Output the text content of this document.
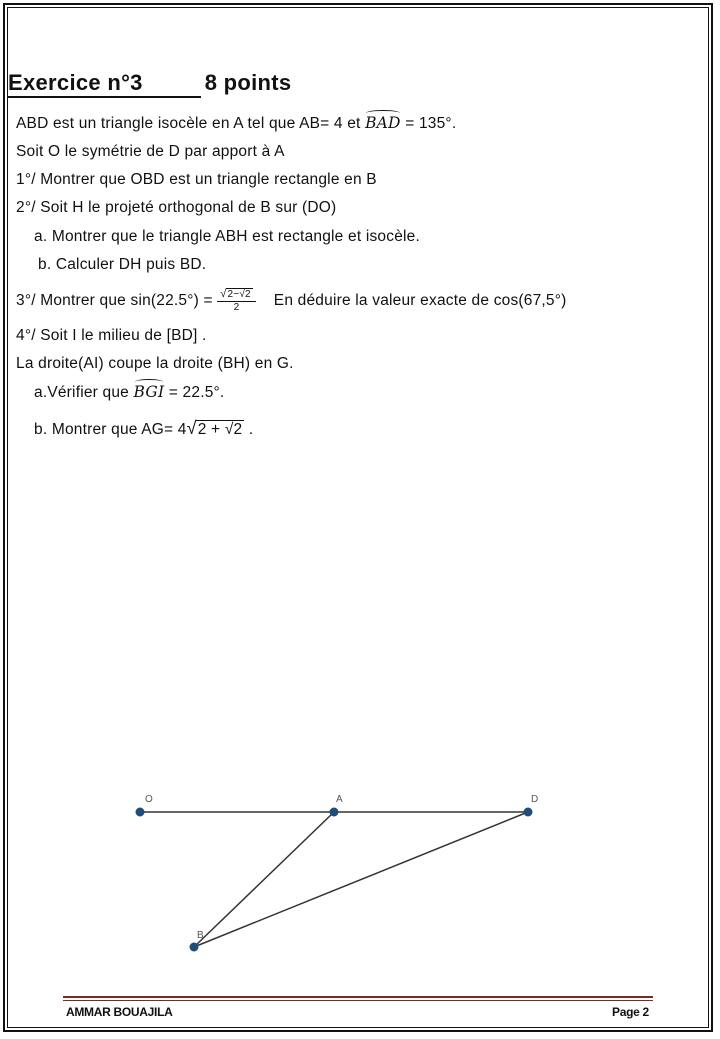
Exercice n°3	8 points
ABD est un triangle isocèle en A tel que AB= 4 et BAD = 135°.
Soit O le symétrie de D par apport à A
1°/ Montrer que OBD est un triangle rectangle en B
2°/ Soit H le projeté orthogonal de B sur (DO)
a. Montrer que le triangle ABH est rectangle et isocèle.
b. Calculer DH puis BD.
3°/ Montrer que $\sin(22.5^\circ) = \frac{√2-√2}{2}$ En déduire la valeur exacte de cos(67,5°)
4°/ Soit I le milieu de [BD] .
La droite(AI) coupe la droite (BH) en G.
a.Vérifier que BGI = 22.5°.
b. Montrer que AG= 4√2 + √2 .
O	A	D
B
AMMAR BOUAJILA	Page 2
